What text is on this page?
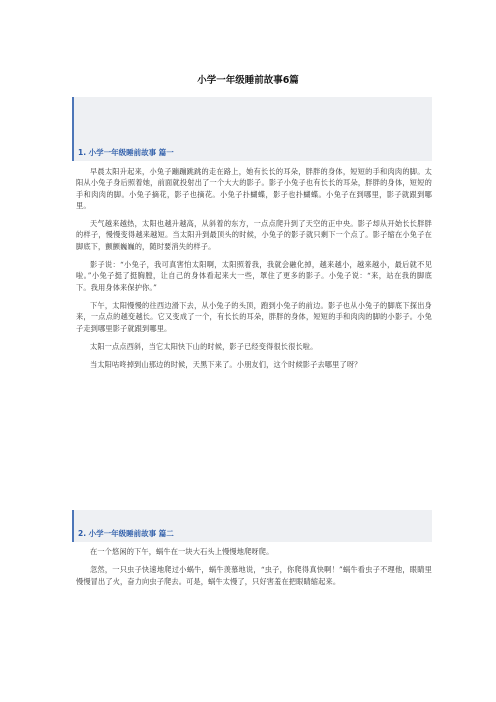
小学一年级睡前故事6篇
1. 小学一年级睡前故事 篇一

早晨太阳升起来，小兔子蹦蹦跳跳的走在路上，她有长长的耳朵，胖胖的身体，短短的手和肉肉的脚。太阳从小兔子身后照着她，前面就投射出了一个大大的影子。影子小兔子也有长长的耳朵，胖胖的身体，短短的手和肉肉的脚。小兔子摘花，影子也摘花。小兔子扑蝴蝶，影子也扑蝴蝶。小兔子在到哪里，影子就跟到哪里。

天气越来越热，太阳也越升越高，从斜着的东方，一点点爬升到了天空的正中央。影子却从开始长长胖胖的样子，慢慢变得越来越短。当太阳升到最顶头的时候，小兔子的影子就只剩下一个点了。影子缩在小兔子在脚底下，颤颤巍巍的，随时要消失的样子。

影子说：“小兔子，我可真害怕太阳啊，太阳照着我，我就会融化掉，越来越小，越来越小，最后就不见啦。”小兔子挺了挺胸膛，让自己的身体看起来大一些，罩住了更多的影子。小兔子说：“来，站在我的脚底下。我用身体来保护你。”

下午，太阳慢慢的往西边滑下去，从小兔子的头顶，跑到小兔子的前边。影子也从小兔子的脚底下探出身来，一点点的越变越长。它又变成了一个，有长长的耳朵，胖胖的身体，短短的手和肉肉的脚的小影子。小兔子走到哪里影子就跟到哪里。

太阳一点点西斜，当它太阳快下山的时候，影子已经变得很长很长啦。

当太阳咕咚掉到山那边的时候，天黑下来了。小朋友们，这个时候影子去哪里了呀？

2. 小学一年级睡前故事 篇二

在一个悠闲的下午，蜗牛在一块大石头上慢慢地爬呀爬。

忽然，一只虫子快速地爬过小蜗牛，蜗牛羡慕地说，“虫子，你爬得真快啊！”蜗牛看虫子不理他，眼睛里慢慢冒出了火，奋力向虫子爬去。可是，蜗牛太慢了，只好害羞在把眼睛缩起来。
